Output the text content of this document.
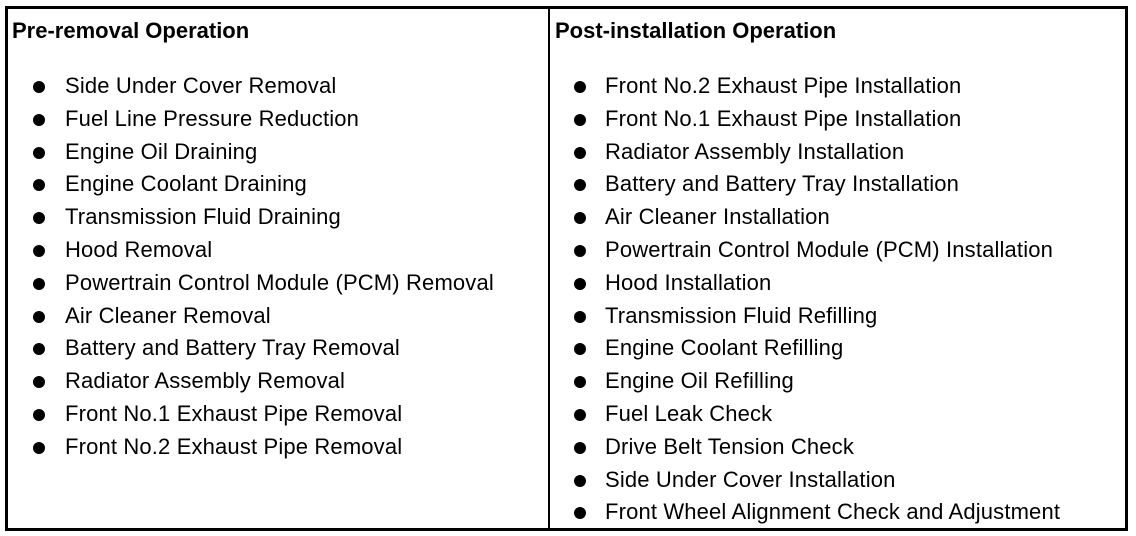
Pre-removal Operation
Side Under Cover Removal
Fuel Line Pressure Reduction
Engine Oil Draining
Engine Coolant Draining
Transmission Fluid Draining
Hood Removal
Powertrain Control Module (PCM) Removal
Air Cleaner Removal
Battery and Battery Tray Removal
Radiator Assembly Removal
Front No.1 Exhaust Pipe Removal
Front No.2 Exhaust Pipe Removal
Post-installation Operation
Front No.2 Exhaust Pipe Installation
Front No.1 Exhaust Pipe Installation
Radiator Assembly Installation
Battery and Battery Tray Installation
Air Cleaner Installation
Powertrain Control Module (PCM) Installation
Hood Installation
Transmission Fluid Refilling
Engine Coolant Refilling
Engine Oil Refilling
Fuel Leak Check
Drive Belt Tension Check
Side Under Cover Installation
Front Wheel Alignment Check and Adjustment
